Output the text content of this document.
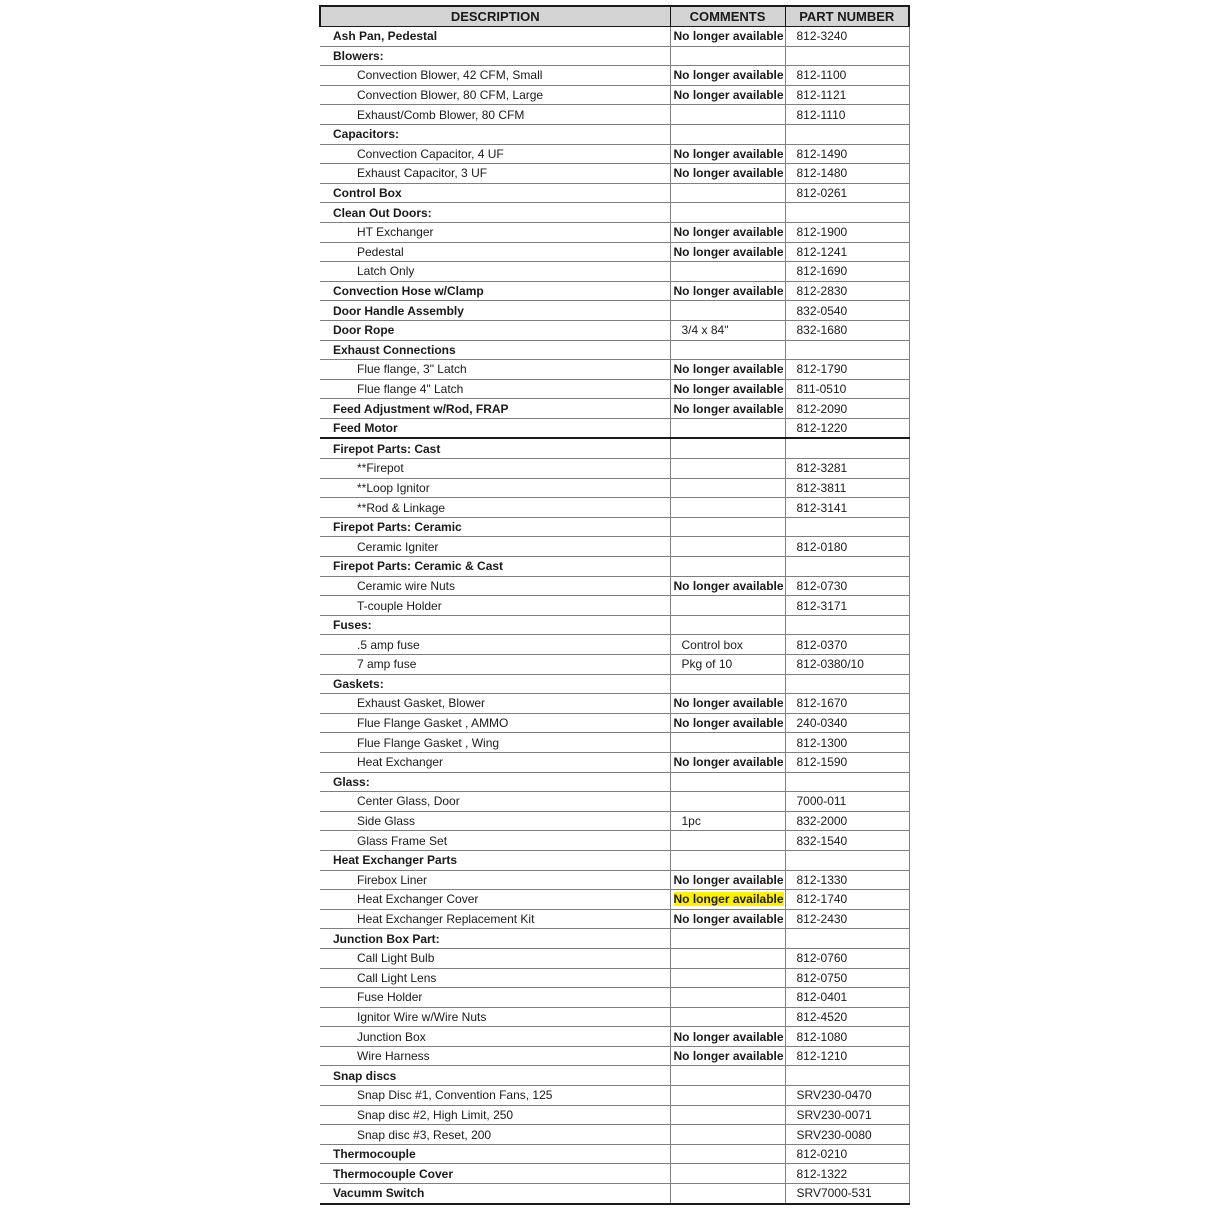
DESCRIPTION	COMMENTS	PART NUMBER
Ash Pan, Pedestal	No longer available	812-3240
Blowers:		
Convection Blower, 42 CFM, Small	No longer available	812-1100
Convection Blower, 80 CFM, Large	No longer available	812-1121
Exhaust/Comb Blower, 80 CFM		812-1110
Capacitors:		
Convection Capacitor, 4 UF	No longer available	812-1490
Exhaust Capacitor, 3 UF	No longer available	812-1480
Control Box		812-0261
Clean Out Doors:		
HT Exchanger	No longer available	812-1900
Pedestal	No longer available	812-1241
Latch Only		812-1690
Convection Hose w/Clamp	No longer available	812-2830
Door Handle Assembly		832-0540
Door Rope	3/4 x 84"	832-1680
Exhaust Connections		
Flue flange, 3" Latch	No longer available	812-1790
Flue flange 4" Latch	No longer available	811-0510
Feed Adjustment w/Rod, FRAP	No longer available	812-2090
Feed Motor		812-1220
Firepot Parts: Cast		
**Firepot		812-3281
**Loop Ignitor		812-3811
**Rod & Linkage		812-3141
Firepot Parts: Ceramic		
Ceramic Igniter		812-0180
Firepot Parts: Ceramic & Cast		
Ceramic wire Nuts	No longer available	812-0730
T-couple Holder		812-3171
Fuses:		
.5 amp fuse	Control box	812-0370
7 amp fuse	Pkg of 10	812-0380/10
Gaskets:		
Exhaust Gasket, Blower	No longer available	812-1670
Flue Flange Gasket , AMMO	No longer available	240-0340
Flue Flange Gasket , Wing		812-1300
Heat Exchanger	No longer available	812-1590
Glass:		
Center Glass, Door		7000-011
Side Glass	1pc	832-2000
Glass Frame Set		832-1540
Heat Exchanger Parts		
Firebox Liner	No longer available	812-1330
Heat Exchanger Cover	No longer available	812-1740
Heat Exchanger Replacement Kit	No longer available	812-2430
Junction Box Part:		
Call Light Bulb		812-0760
Call Light Lens		812-0750
Fuse Holder		812-0401
Ignitor Wire w/Wire Nuts		812-4520
Junction Box	No longer available	812-1080
Wire Harness	No longer available	812-1210
Snap discs		
Snap Disc #1, Convention Fans, 125		SRV230-0470
Snap disc #2, High Limit, 250		SRV230-0071
Snap disc #3, Reset, 200		SRV230-0080
Thermocouple		812-0210
Thermocouple Cover		812-1322
Vacumm Switch		SRV7000-531
